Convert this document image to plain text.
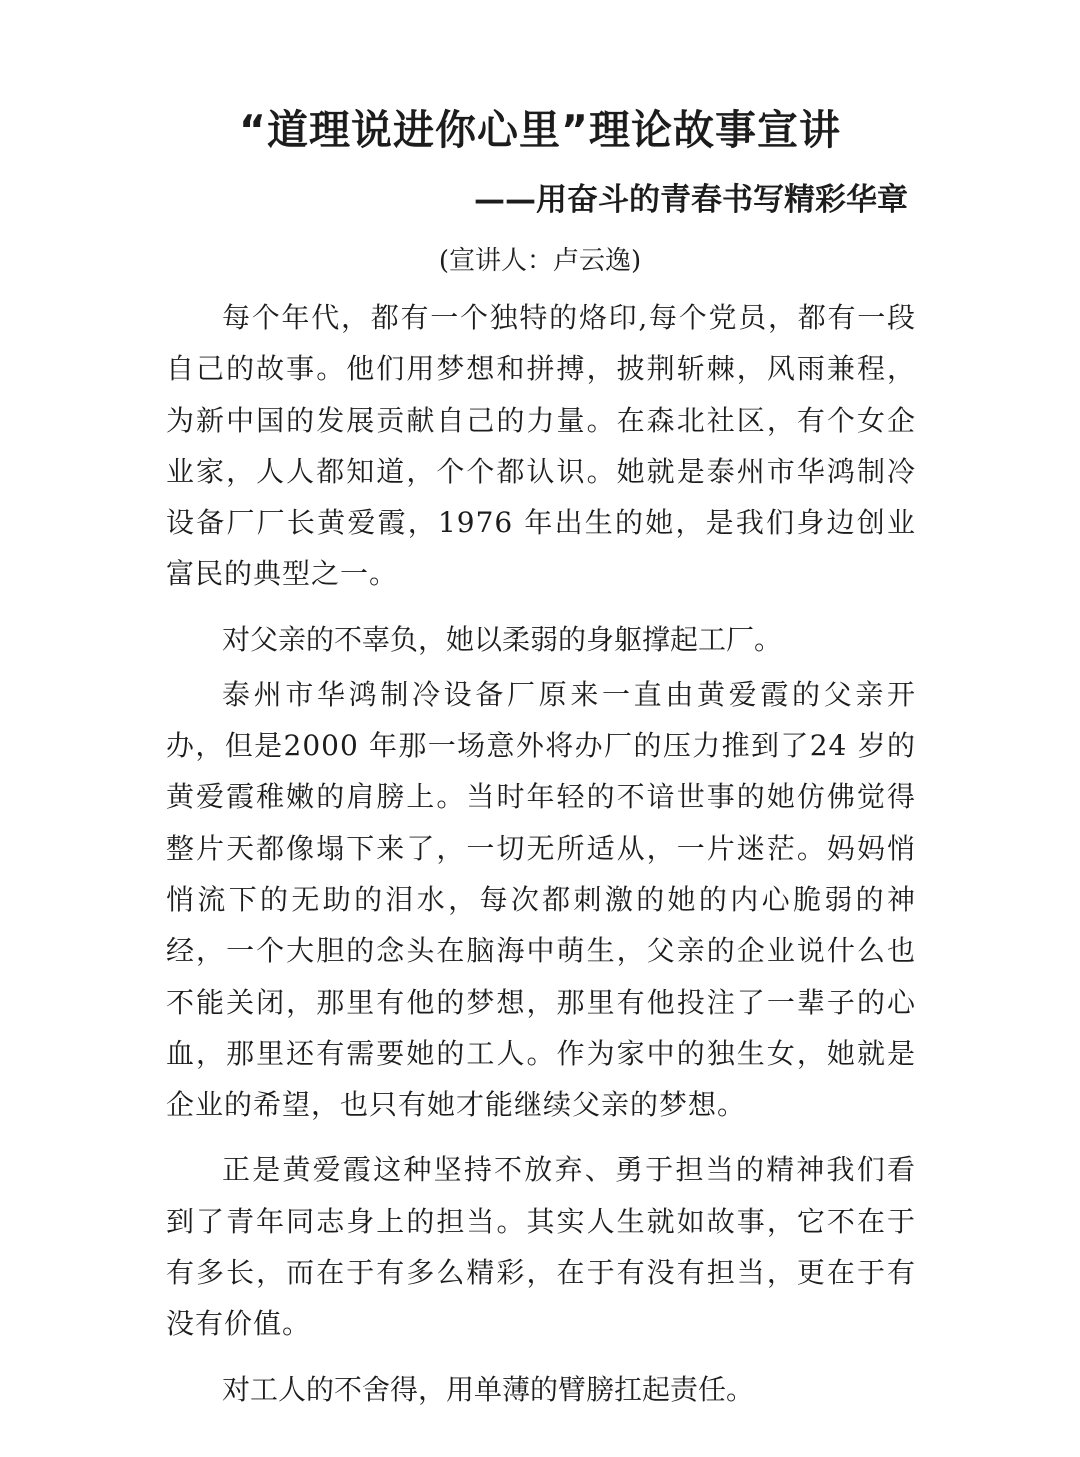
“道理说进你心里”理论故事宣讲
——用奋斗的青春书写精彩华章
(宣讲人：卢云逸)

每个年代，都有一个独特的烙印,每个党员，都有一段自己的故事。他们用梦想和拼搏，披荆斩棘，风雨兼程，为新中国的发展贡献自己的力量。在森北社区，有个女企业家，人人都知道，个个都认识。她就是泰州市华鸿制冷设备厂厂长黄爱霞，1976 年出生的她，是我们身边创业富民的典型之一。

对父亲的不辜负，她以柔弱的身躯撑起工厂。

泰州市华鸿制冷设备厂原来一直由黄爱霞的父亲开办，但是2000 年那一场意外将办厂的压力推到了24 岁的黄爱霞稚嫩的肩膀上。当时年轻的不谙世事的她仿佛觉得整片天都像塌下来了，一切无所适从，一片迷茫。妈妈悄悄流下的无助的泪水，每次都刺激的她的内心脆弱的神经，一个大胆的念头在脑海中萌生，父亲的企业说什么也不能关闭，那里有他的梦想，那里有他投注了一辈子的心血，那里还有需要她的工人。作为家中的独生女，她就是企业的希望，也只有她才能继续父亲的梦想。

正是黄爱霞这种坚持不放弃、勇于担当的精神我们看到了青年同志身上的担当。其实人生就如故事，它不在于有多长，而在于有多么精彩，在于有没有担当，更在于有没有价值。

对工人的不舍得，用单薄的臂膀扛起责任。
